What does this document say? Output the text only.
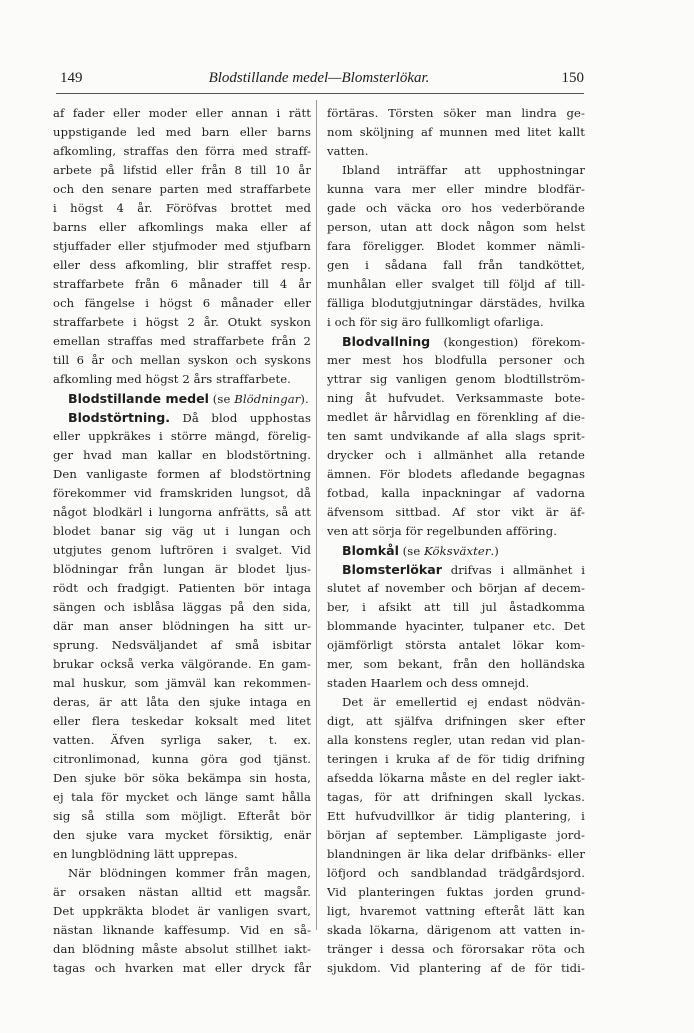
149	Blodstillande medel—Blomsterlökar.	150
af fader eller moder eller annan i rätt
uppstigande led med barn eller barns
afkomling, straffas den förra med straff-
arbete på lifstid eller från 8 till 10 år
och den senare parten med straffarbete
i högst 4 år. Föröfvas brottet med
barns eller afkomlings maka eller af
stjuffader eller stjufmoder med stjufbarn
eller dess afkomling, blir straffet resp.
straffarbete från 6 månader till 4 år
och fängelse i högst 6 månader eller
straffarbete i högst 2 år. Otukt syskon
emellan straffas med straffarbete från 2
till 6 år och mellan syskon och syskons
afkomling med högst 2 års straffarbete.
Blodstillande medel (se Blödningar).
Blodstörtning. Då blod upphostas
eller uppkräkes i större mängd, förelig-
ger hvad man kallar en blodstörtning.
Den vanligaste formen af blodstörtning
förekommer vid framskriden lungsot, då
något blodkärl i lungorna anfrätts, så att
blodet banar sig väg ut i lungan och
utgjutes genom luftrören i svalget. Vid
blödningar från lungan är blodet ljus-
rödt och fradgigt. Patienten bör intaga
sängen och isblåsa läggas på den sida,
där man anser blödningen ha sitt ur-
sprung. Nedsväljandet af små isbitar
brukar också verka välgörande. En gam-
mal huskur, som jämväl kan rekommen-
deras, är att låta den sjuke intaga en
eller flera teskedar koksalt med litet
vatten. Äfven syrliga saker, t. ex.
citronlimonad, kunna göra god tjänst.
Den sjuke bör söka bekämpa sin hosta,
ej tala för mycket och länge samt hålla
sig så stilla som möjligt. Efteråt bör
den sjuke vara mycket försiktig, enär
en lungblödning lätt upprepas.
När blödningen kommer från magen,
är orsaken nästan alltid ett magsår.
Det uppkräkta blodet är vanligen svart,
nästan liknande kaffesump. Vid en så-
dan blödning måste absolut stillhet iakt-
tagas och hvarken mat eller dryck får
förtäras. Törsten söker man lindra ge-
nom sköljning af munnen med litet kallt
vatten.
Ibland inträffar att upphostningar
kunna vara mer eller mindre blodfär-
gade och väcka oro hos vederbörande
person, utan att dock någon som helst
fara föreligger. Blodet kommer nämli-
gen i sådana fall från tandköttet,
munhålan eller svalget till följd af till-
fälliga blodutgjutningar därstädes, hvilka
i och för sig äro fullkomligt ofarliga.
Blodvallning (kongestion) förekom-
mer mest hos blodfulla personer och
yttrar sig vanligen genom blodtillström-
ning åt hufvudet. Verksammaste bote-
medlet är hårvidlag en förenkling af die-
ten samt undvikande af alla slags sprit-
drycker och i allmänhet alla retande
ämnen. För blodets afledande begagnas
fotbad, kalla inpackningar af vadorna
äfvensom sittbad. Af stor vikt är äf-
ven att sörja för regelbunden afföring.
Blomkål (se Köksväxter.)
Blomsterlökar drifvas i allmänhet i
slutet af november och början af decem-
ber, i afsikt att till jul åstadkomma
blommande hyacinter, tulpaner etc. Det
ojämförligt största antalet lökar kom-
mer, som bekant, från den holländska
staden Haarlem och dess omnejd.
Det är emellertid ej endast nödvän-
digt, att själfva drifningen sker efter
alla konstens regler, utan redan vid plan-
teringen i kruka af de för tidig drifning
afsedda lökarna måste en del regler iakt-
tagas, för att drifningen skall lyckas.
Ett hufvudvillkor är tidig plantering, i
början af september. Lämpligaste jord-
blandningen är lika delar drifbänks- eller
löfjord och sandblandad trädgårdsjord.
Vid planteringen fuktas jorden grund-
ligt, hvaremot vattning efteråt lätt kan
skada lökarna, därigenom att vatten in-
tränger i dessa och förorsakar röta och
sjukdom. Vid plantering af de för tidi-
